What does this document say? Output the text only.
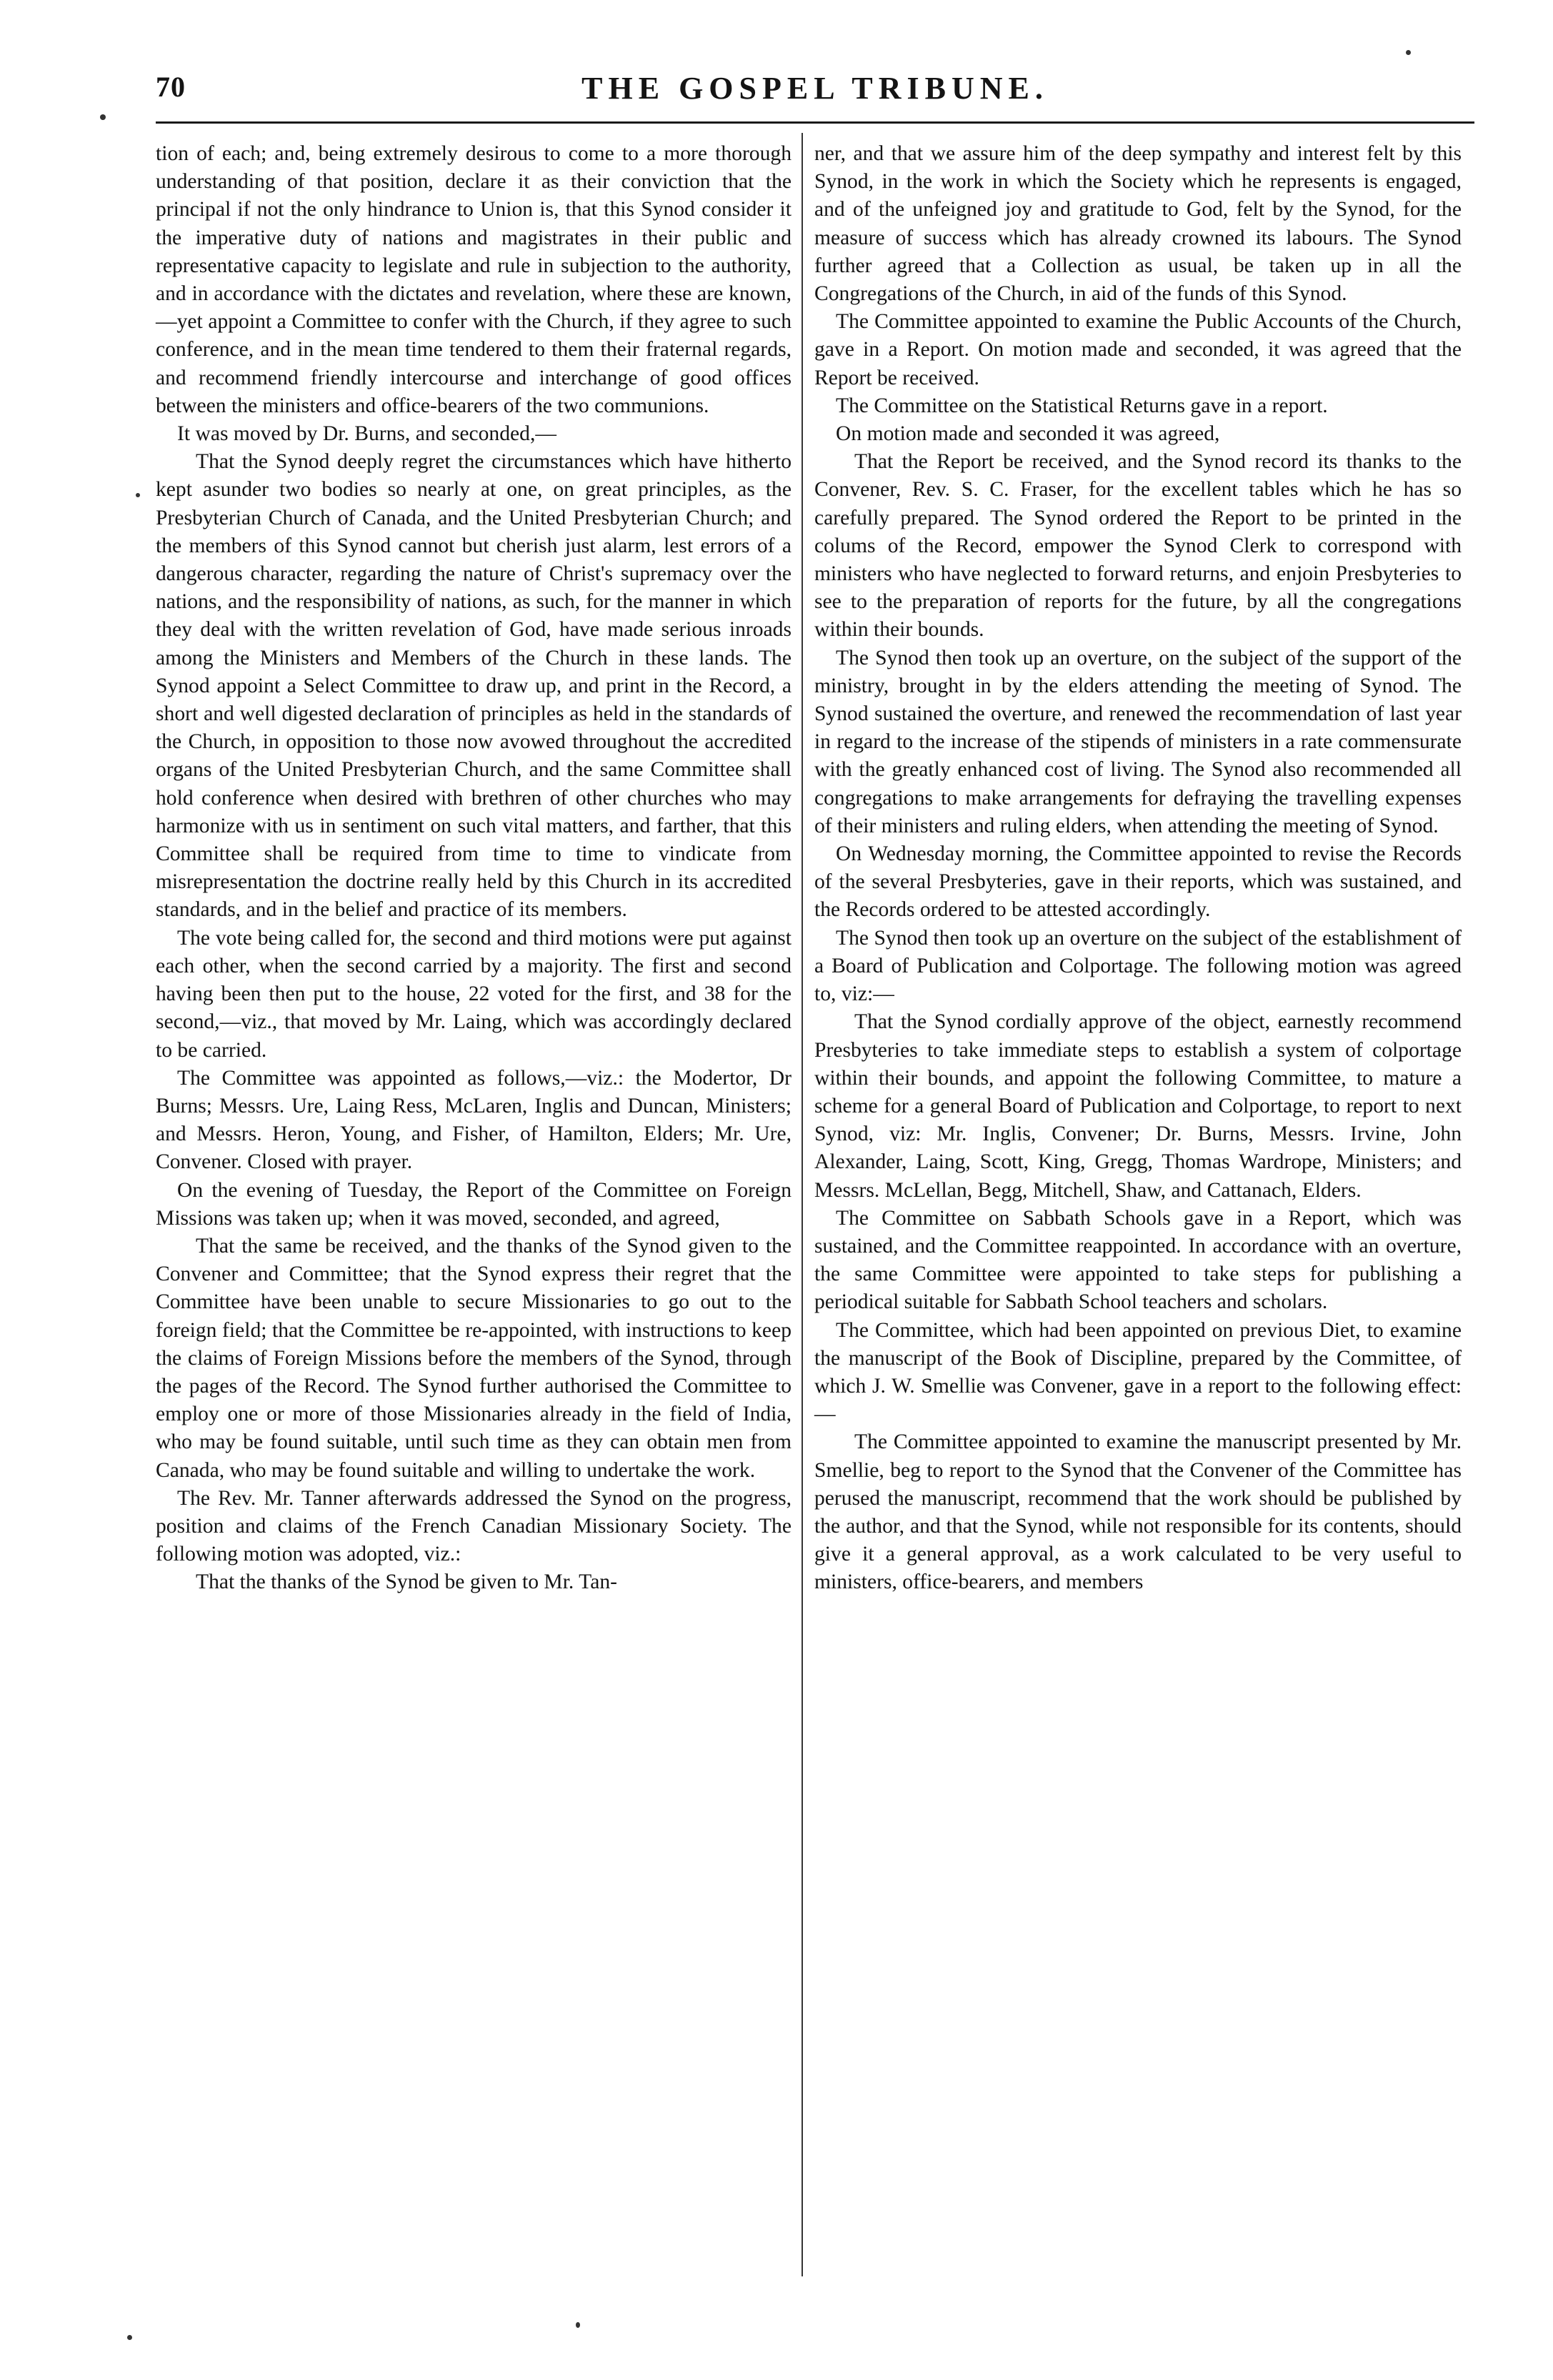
70	THE GOSPEL TRIBUNE.

tion of each; and, being extremely desirous to come to a more thorough understanding of that position, declare it as their conviction that the principal if not the only hindrance to Union is, that this Synod consider it the imperative duty of nations and magistrates in their public and representative capacity to legislate and rule in subjection to the authority, and in accordance with the dictates and revelation, where these are known,—yet appoint a Committee to confer with the Church, if they agree to such conference, and in the mean time tendered to them their fraternal regards, and recommend friendly intercourse and interchange of good offices between the ministers and office-bearers of the two communions.

It was moved by Dr. Burns, and seconded,—

That the Synod deeply regret the circumstances which have hitherto kept asunder two bodies so nearly at one, on great principles, as the Presbyterian Church of Canada, and the United Presbyterian Church; and the members of this Synod cannot but cherish just alarm, lest errors of a dangerous character, regarding the nature of Christ's supremacy over the nations, and the responsibility of nations, as such, for the manner in which they deal with the written revelation of God, have made serious inroads among the Ministers and Members of the Church in these lands. The Synod appoint a Select Committee to draw up, and print in the Record, a short and well digested declaration of principles as held in the standards of the Church, in opposition to those now avowed throughout the accredited organs of the United Presbyterian Church, and the same Committee shall hold conference when desired with brethren of other churches who may harmonize with us in sentiment on such vital matters, and farther, that this Committee shall be required from time to time to vindicate from misrepresentation the doctrine really held by this Church in its accredited standards, and in the belief and practice of its members.

The vote being called for, the second and third motions were put against each other, when the second carried by a majority. The first and second having been then put to the house, 22 voted for the first, and 38 for the second,—viz., that moved by Mr. Laing, which was accordingly declared to be carried.

The Committee was appointed as follows,—viz.: the Modertor, Dr Burns; Messrs. Ure, Laing Ress, McLaren, Inglis and Duncan, Ministers; and Messrs. Heron, Young, and Fisher, of Hamilton, Elders; Mr. Ure, Convener. Closed with prayer.

On the evening of Tuesday, the Report of the Committee on Foreign Missions was taken up; when it was moved, seconded, and agreed,

That the same be received, and the thanks of the Synod given to the Convener and Committee; that the Synod express their regret that the Committee have been unable to secure Missionaries to go out to the foreign field; that the Committee be re-appointed, with instructions to keep the claims of Foreign Missions before the members of the Synod, through the pages of the Record. The Synod further authorised the Committee to employ one or more of those Missionaries already in the field of India, who may be found suitable, until such time as they can obtain men from Canada, who may be found suitable and willing to undertake the work.

The Rev. Mr. Tanner afterwards addressed the Synod on the progress, position and claims of the French Canadian Missionary Society. The following motion was adopted, viz.:

That the thanks of the Synod be given to Mr. Tan-

ner, and that we assure him of the deep sympathy and interest felt by this Synod, in the work in which the Society which he represents is engaged, and of the unfeigned joy and gratitude to God, felt by the Synod, for the measure of success which has already crowned its labours. The Synod further agreed that a Collection as usual, be taken up in all the Congregations of the Church, in aid of the funds of this Synod.

The Committee appointed to examine the Public Accounts of the Church, gave in a Report. On motion made and seconded, it was agreed that the Report be received.

The Committee on the Statistical Returns gave in a report.

On motion made and seconded it was agreed,

That the Report be received, and the Synod record its thanks to the Convener, Rev. S. C. Fraser, for the excellent tables which he has so carefully prepared. The Synod ordered the Report to be printed in the colums of the Record, empower the Synod Clerk to correspond with ministers who have neglected to forward returns, and enjoin Presbyteries to see to the preparation of reports for the future, by all the congregations within their bounds.

The Synod then took up an overture, on the subject of the support of the ministry, brought in by the elders attending the meeting of Synod. The Synod sustained the overture, and renewed the recommendation of last year in regard to the increase of the stipends of ministers in a rate commensurate with the greatly enhanced cost of living. The Synod also recommended all congregations to make arrangements for defraying the travelling expenses of their ministers and ruling elders, when attending the meeting of Synod.

On Wednesday morning, the Committee appointed to revise the Records of the several Presbyteries, gave in their reports, which was sustained, and the Records ordered to be attested accordingly.

The Synod then took up an overture on the subject of the establishment of a Board of Publication and Colportage. The following motion was agreed to, viz:—

That the Synod cordially approve of the object, earnestly recommend Presbyteries to take immediate steps to establish a system of colportage within their bounds, and appoint the following Committee, to mature a scheme for a general Board of Publication and Colportage, to report to next Synod, viz: Mr. Inglis, Convener; Dr. Burns, Messrs. Irvine, John Alexander, Laing, Scott, King, Gregg, Thomas Wardrope, Ministers; and Messrs. McLellan, Begg, Mitchell, Shaw, and Cattanach, Elders.

The Committee on Sabbath Schools gave in a Report, which was sustained, and the Committee reappointed. In accordance with an overture, the same Committee were appointed to take steps for publishing a periodical suitable for Sabbath School teachers and scholars.

The Committee, which had been appointed on previous Diet, to examine the manuscript of the Book of Discipline, prepared by the Committee, of which J. W. Smellie was Convener, gave in a report to the following effect:—

The Committee appointed to examine the manuscript presented by Mr. Smellie, beg to report to the Synod that the Convener of the Committee has perused the manuscript, recommend that the work should be published by the author, and that the Synod, while not responsible for its contents, should give it a general approval, as a work calculated to be very useful to ministers, office-bearers, and members
